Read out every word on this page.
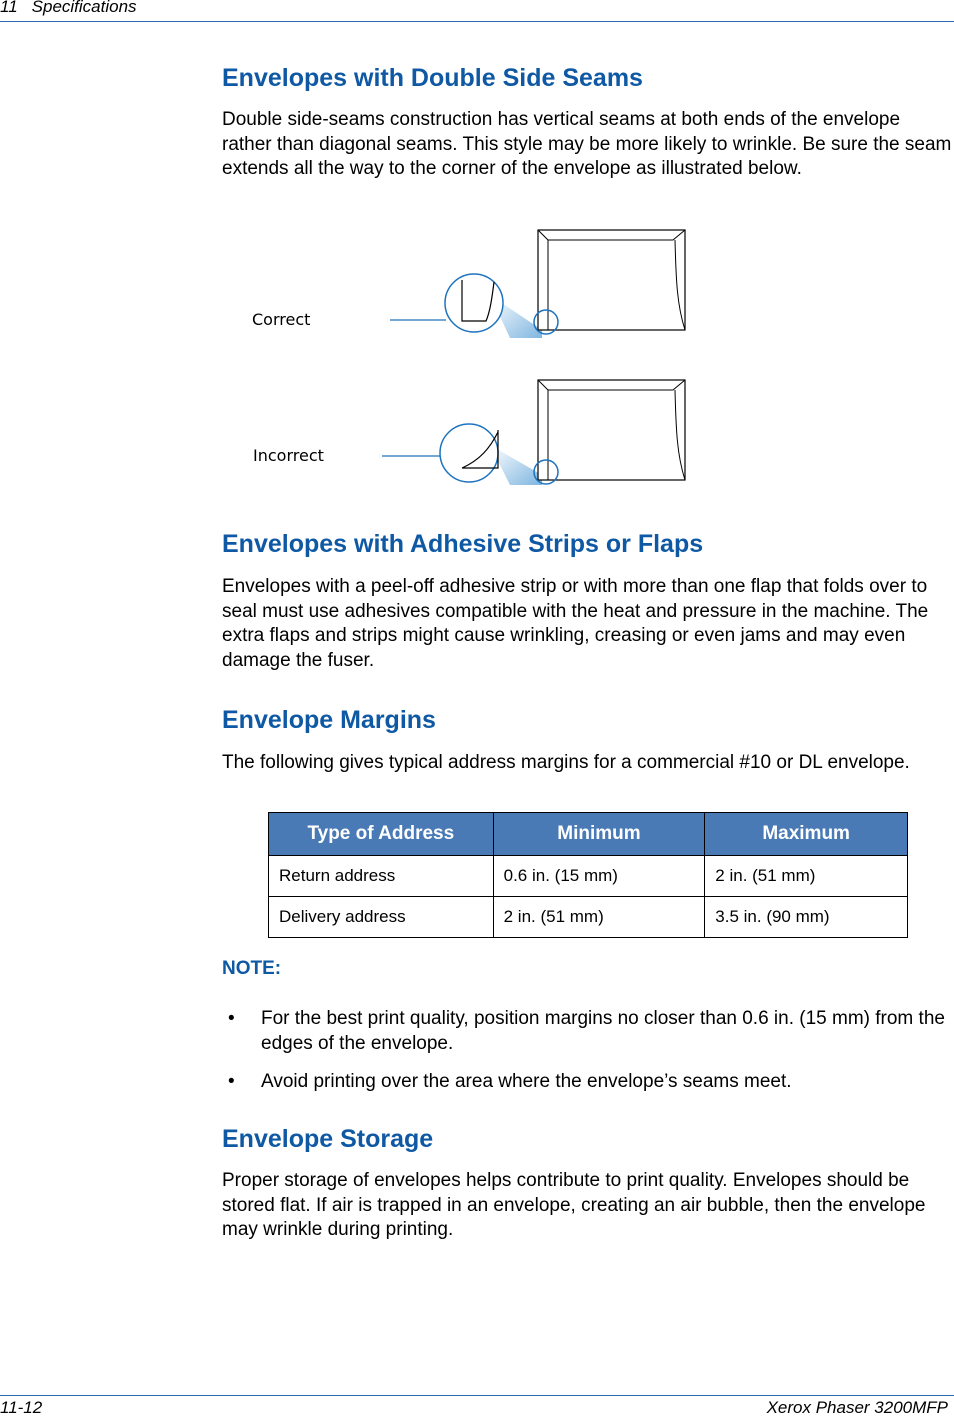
11 Specifications
Envelopes with Double Side Seams

Double side-seams construction has vertical seams at both ends of the envelope rather than diagonal seams. This style may be more likely to wrinkle. Be sure the seam extends all the way to the corner of the envelope as illustrated below.

Correct
Incorrect
Envelopes with Adhesive Strips or Flaps

Envelopes with a peel-off adhesive strip or with more than one flap that folds over to seal must use adhesives compatible with the heat and pressure in the machine. The extra flaps and strips might cause wrinkling, creasing or even jams and may even damage the fuser.

Envelope Margins

The following gives typical address margins for a commercial #10 or DL envelope.

Type of Address	Minimum	Maximum
Return address	0.6 in. (15 mm)	2 in. (51 mm)
Delivery address	2 in. (51 mm)	3.5 in. (90 mm)
NOTE:
• For the best print quality, position margins no closer than 0.6 in. (15 mm) from the edges of the envelope.
• Avoid printing over the area where the envelope’s seams meet.
Envelope Storage

Proper storage of envelopes helps contribute to print quality. Envelopes should be stored flat. If air is trapped in an envelope, creating an air bubble, then the envelope may wrinkle during printing.

11-12	Xerox Phaser 3200MFP
